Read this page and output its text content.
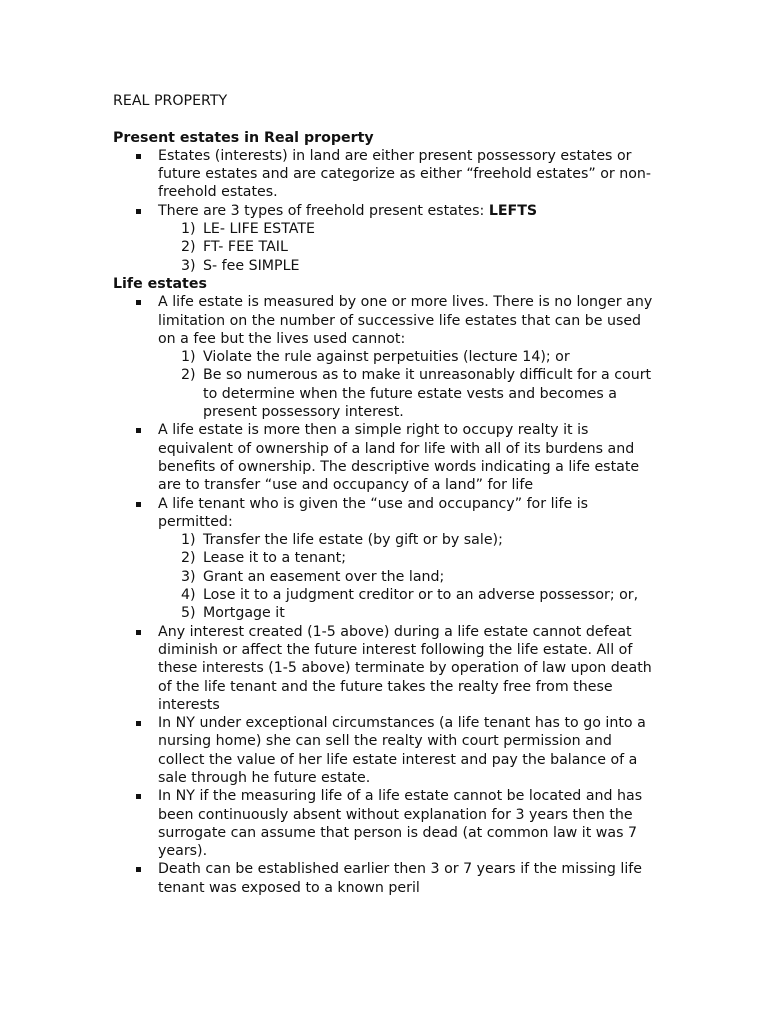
REAL PROPERTY

Present estates in Real property

Estates (interests) in land are either present possessory estates or future estates and are categorize as either “freehold estates” or non-freehold estates.
There are 3 types of freehold present estates: LEFTS
1) LE- LIFE ESTATE
2) FT- FEE TAIL
3) S- fee SIMPLE

Life estates

A life estate is measured by one or more lives. There is no longer any limitation on the number of successive life estates that can be used on a fee but the lives used cannot:
1) Violate the rule against perpetuities (lecture 14); or
2) Be so numerous as to make it unreasonably difficult for a court to determine when the future estate vests and becomes a present possessory interest.
A life estate is more then a simple right to occupy realty it is equivalent of ownership of a land for life with all of its burdens and benefits of ownership. The descriptive words indicating a life estate are to transfer “use and occupancy of a land” for life
A life tenant who is given the “use and occupancy” for life is permitted:
1) Transfer the life estate (by gift or by sale);
2) Lease it to a tenant;
3) Grant an easement over the land;
4) Lose it to a judgment creditor or to an adverse possessor; or,
5) Mortgage it
Any interest created (1-5 above) during a life estate cannot defeat diminish or affect the future interest following the life estate. All of these interests (1-5 above) terminate by operation of law upon death of the life tenant and the future takes the realty free from these interests
In NY under exceptional circumstances (a life tenant has to go into a nursing home) she can sell the realty with court permission and collect the value of her life estate interest and pay the balance of a sale through he future estate.
In NY if the measuring life of a life estate cannot be located and has been continuously absent without explanation for 3 years then the surrogate can assume that person is dead (at common law it was 7 years).
Death can be established earlier then 3 or 7 years if the missing life tenant was exposed to a known peril
